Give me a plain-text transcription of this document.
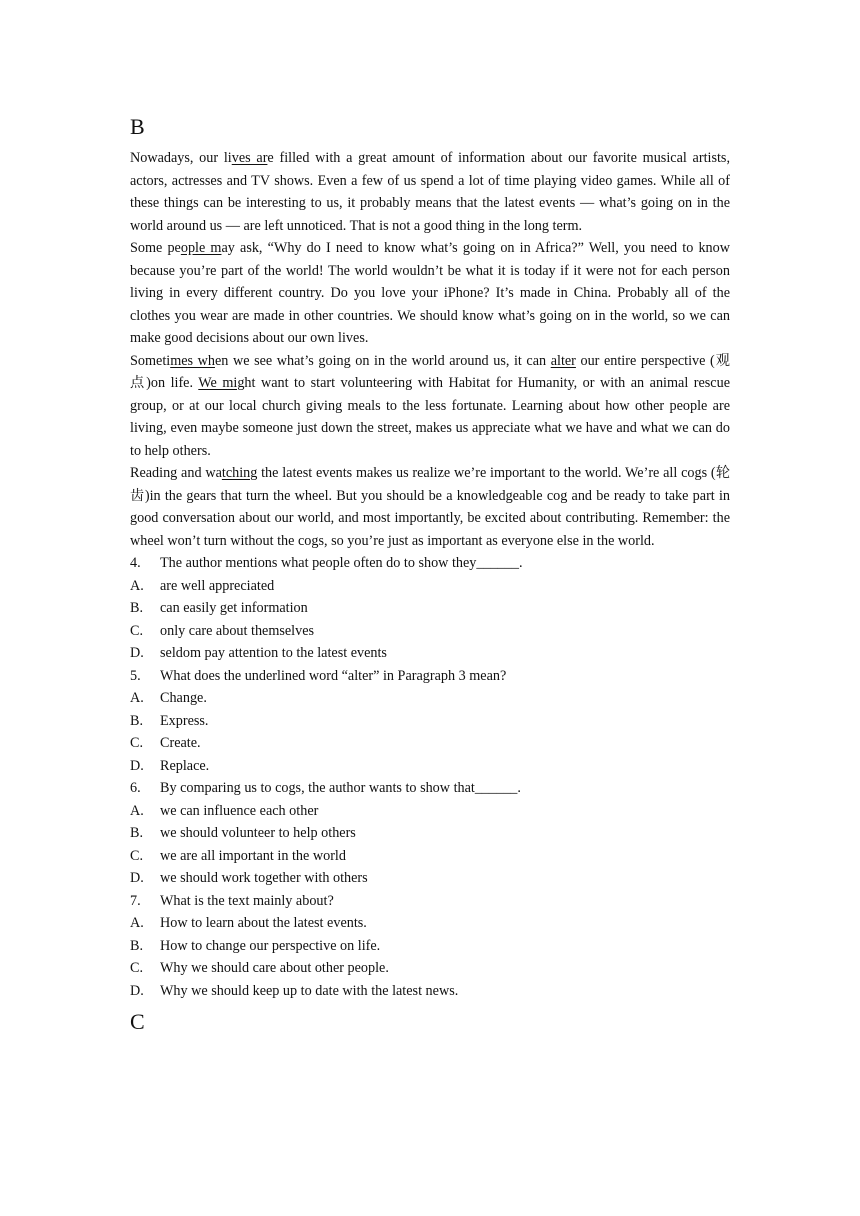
B

Nowadays, our lives are filled with a great amount of information about our favorite musical artists, actors, actresses and TV shows. Even a few of us spend a lot of time playing video games. While all of these things can be interesting to us, it probably means that the latest events — what’s going on in the world around us — are left unnoticed. That is not a good thing in the long term.

Some people may ask, “Why do I need to know what’s going on in Africa?” Well, you need to know because you’re part of the world! The world wouldn’t be what it is today if it were not for each person living in every different country. Do you love your iPhone? It’s made in China. Probably all of the clothes you wear are made in other countries. We should know what’s going on in the world, so we can make good decisions about our own lives.

Sometimes when we see what’s going on in the world around us, it can alter our entire perspective (观点)on life. We might want to start volunteering with Habitat for Humanity, or with an animal rescue group, or at our local church giving meals to the less fortunate. Learning about how other people are living, even maybe someone just down the street, makes us appreciate what we have and what we can do to help others.

Reading and watching the latest events makes us realize we’re important to the world. We’re all cogs (轮齿)in the gears that turn the wheel. But you should be a knowledgeable cog and be ready to take part in good conversation about our world, and most importantly, be excited about contributing. Remember: the wheel won’t turn without the cogs, so you’re just as important as everyone else in the world.

4.	The author mentions what people often do to show they______.
A.	are well appreciated
B.	can easily get information
C.	only care about themselves
D.	seldom pay attention to the latest events
5.	What does the underlined word “alter” in Paragraph 3 mean?
A.	Change.
B.	Express.
C.	Create.
D.	Replace.
6.	By comparing us to cogs, the author wants to show that______.
A.	we can influence each other
B.	we should volunteer to help others
C.	we are all important in the world
D.	we should work together with others
7.	What is the text mainly about?
A.	How to learn about the latest events.
B.	How to change our perspective on life.
C.	Why we should care about other people.
D.	Why we should keep up to date with the latest news.
C
